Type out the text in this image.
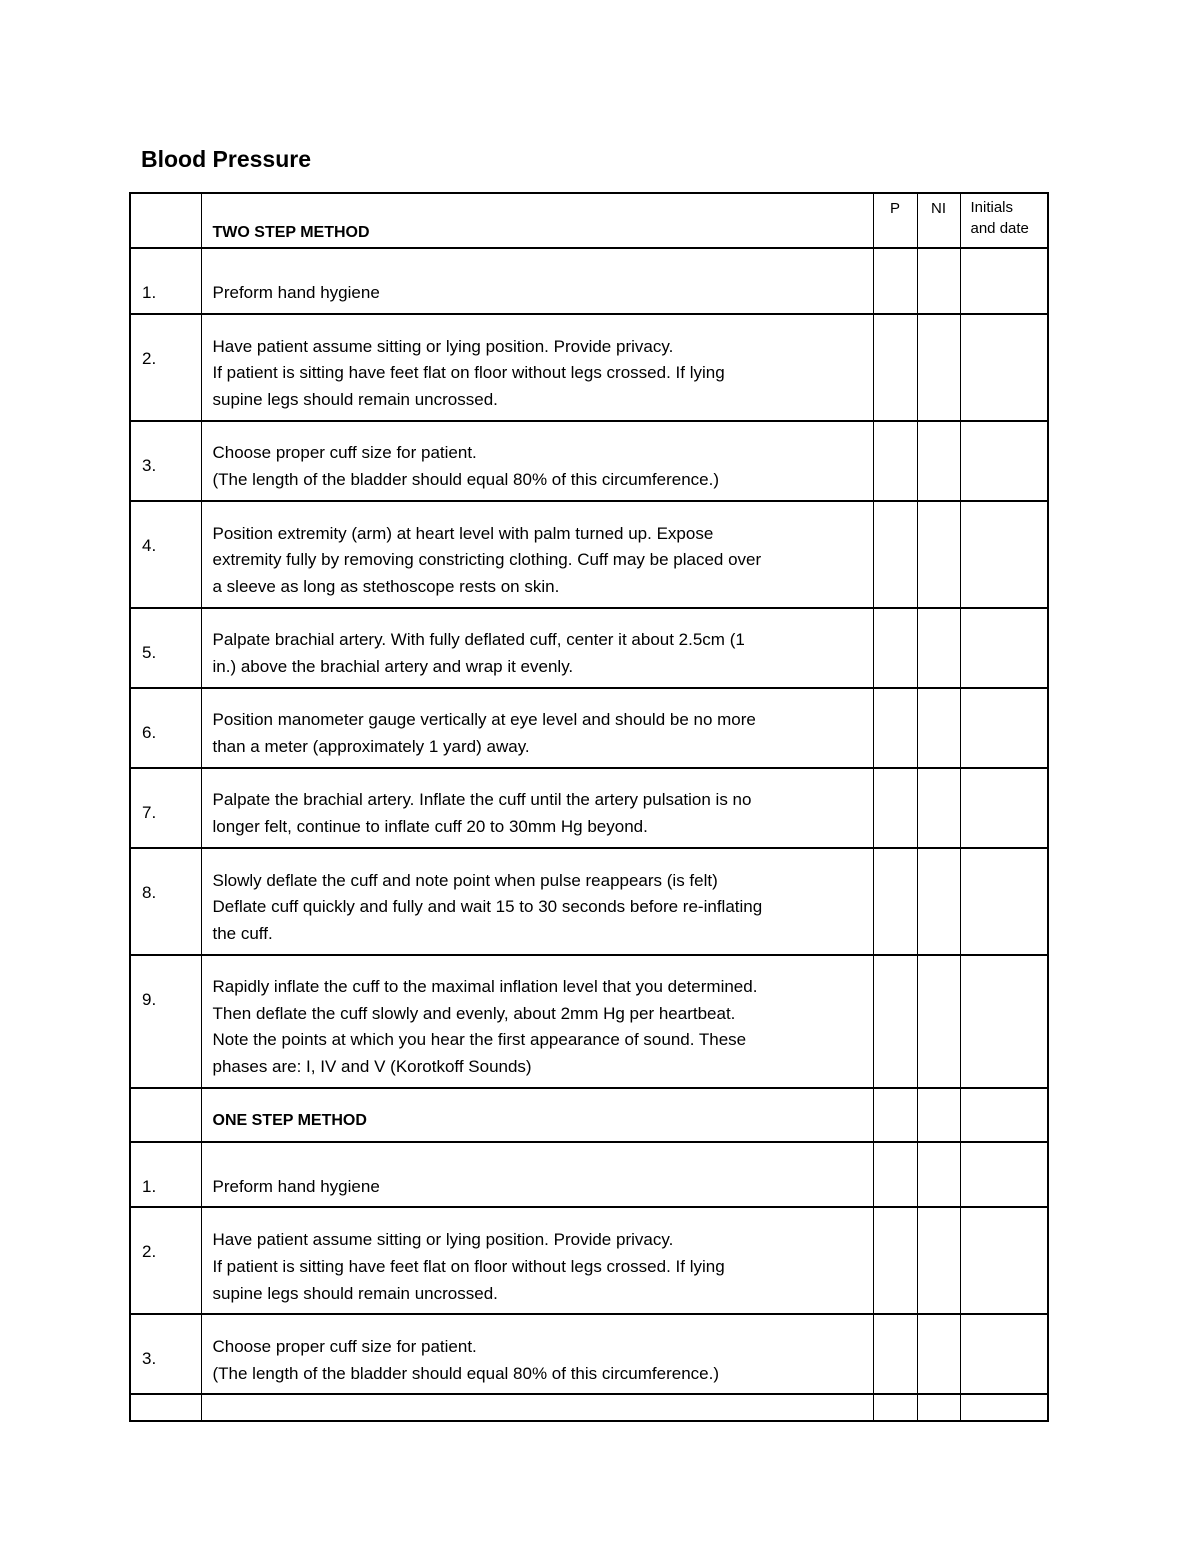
Blood Pressure
	TWO STEP METHOD	P	NI	Initials
and date

1.	Preform hand hygiene			

2.	Have patient assume sitting or lying position. Provide privacy.
If patient is sitting have feet flat on floor without legs crossed. If lying
supine legs should remain uncrossed.			

3.	Choose proper cuff size for patient.
(The length of the bladder should equal 80% of this circumference.)			

4.	Position extremity (arm) at heart level with palm turned up. Expose
extremity fully by removing constricting clothing. Cuff may be placed over
a sleeve as long as stethoscope rests on skin.			

5.	Palpate brachial artery. With fully deflated cuff, center it about 2.5cm (1
in.) above the brachial artery and wrap it evenly.			

6.	Position manometer gauge vertically at eye level and should be no more
than a meter (approximately 1 yard) away.			

7.	Palpate the brachial artery. Inflate the cuff until the artery pulsation is no
longer felt, continue to inflate cuff 20 to 30mm Hg beyond.			

8.	Slowly deflate the cuff and note point when pulse reappears (is felt)
Deflate cuff quickly and fully and wait 15 to 30 seconds before re-inflating
the cuff.			

9.	Rapidly inflate the cuff to the maximal inflation level that you determined.
Then deflate the cuff slowly and evenly, about 2mm Hg per heartbeat.
Note the points at which you hear the first appearance of sound. These
phases are: I, IV and V (Korotkoff Sounds)			

	ONE STEP METHOD			

1.	Preform hand hygiene			

2.	Have patient assume sitting or lying position. Provide privacy.
If patient is sitting have feet flat on floor without legs crossed. If lying
supine legs should remain uncrossed.			

3.	Choose proper cuff size for patient.
(The length of the bladder should equal 80% of this circumference.)			
